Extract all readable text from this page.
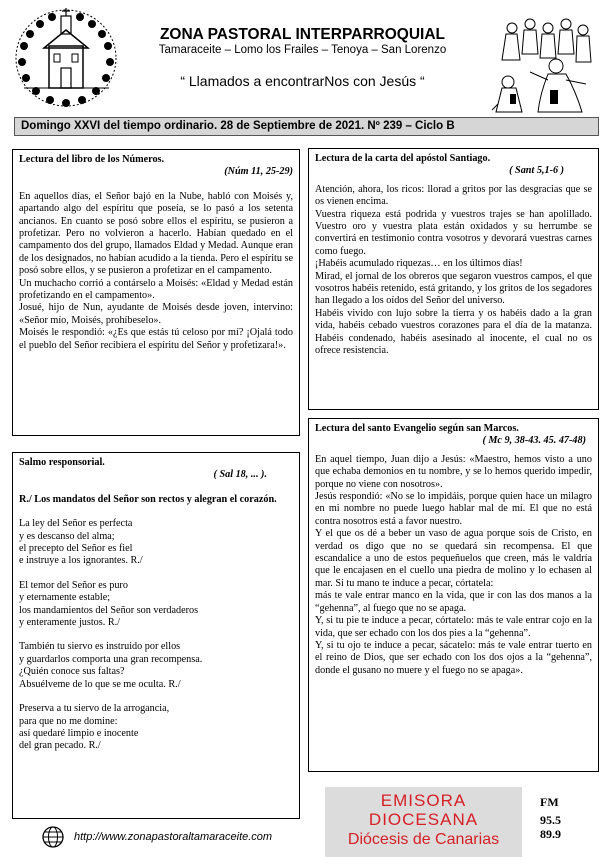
ZONA PASTORAL INTERPARROQUIAL
Tamaraceite – Lomo los Frailes – Tenoya – San Lorenzo
“ Llamados a encontrarNos con Jesús “
Domingo XXVI del tiempo ordinario. 28 de Septiembre de 2021. Nº 239 – Ciclo B
Lectura del libro de los Números.
(Núm 11, 25-29)

En aquellos días, el Señor bajó en la Nube, habló con Moisés y, apartando algo del espíritu que poseía, se lo pasó a los setenta ancianos. En cuanto se posó sobre ellos el espíritu, se pusieron a profetizar. Pero no volvieron a hacerlo. Habían quedado en el campamento dos del grupo, llamados Eldad y Medad. Aunque eran de los designados, no habían acudido a la tienda. Pero el espíritu se posó sobre ellos, y se pusieron a profetizar en el campamento.

Un muchacho corrió a contárselo a Moisés: «Eldad y Medad están profetizando en el campamento».

Josué, hijo de Nun, ayudante de Moisés desde joven, intervino: «Señor mío, Moisés, prohíbeselo».

Moisés le respondió: «¿Es que estás tú celoso por mí? ¡Ojalá todo el pueblo del Señor recibiera el espíritu del Señor y profetizara!».

Salmo responsorial.
( Sal 18, ... ).

R./ Los mandatos del Señor son rectos y alegran el corazón.

La ley del Señor es perfecta
y es descanso del alma;
el precepto del Señor es fiel
e instruye a los ignorantes. R./
El temor del Señor es puro
y eternamente estable;
los mandamientos del Señor son verdaderos
y enteramente justos. R./
También tu siervo es instruido por ellos
y guardarlos comporta una gran recompensa.
¿Quién conoce sus faltas?
Absuélveme de lo que se me oculta. R./
Preserva a tu siervo de la arrogancia,
para que no me domine:
así quedaré limpio e inocente
del gran pecado. R./
Lectura de la carta del apóstol Santiago.
( Sant 5,1-6 )

Atención, ahora, los ricos: llorad a gritos por las desgracias que se os vienen encima.

Vuestra riqueza está podrida y vuestros trajes se han apolillado. Vuestro oro y vuestra plata están oxidados y su herrumbe se convertirá en testimonio contra vosotros y devorará vuestras carnes como fuego.

¡Habéis acumulado riquezas… en los últimos días!

Mirad, el jornal de los obreros que segaron vuestros campos, el que vosotros habéis retenido, está gritando, y los gritos de los segadores han llegado a los oídos del Señor del universo.

Habéis vivido con lujo sobre la tierra y os habéis dado a la gran vida, habéis cebado vuestros corazones para el día de la matanza. Habéis condenado, habéis asesinado al inocente, el cual no os ofrece resistencia.

Lectura del santo Evangelio según san Marcos.
( Mc 9, 38-43. 45. 47-48)

En aquel tiempo, Juan dijo a Jesús: «Maestro, hemos visto a uno que echaba demonios en tu nombre, y se lo hemos querido impedir, porque no viene con nosotros».

Jesús respondió: «No se lo impidáis, porque quien hace un milagro en mi nombre no puede luego hablar mal de mí. El que no está contra nosotros está a favor nuestro.

Y el que os dé a beber un vaso de agua porque sois de Cristo, en verdad os digo que no se quedará sin recompensa. El que escandalice a uno de estos pequeñuelos que creen, más le valdría que le encajasen en el cuello una piedra de molino y lo echasen al mar. Si tu mano te induce a pecar, córtatela:

más te vale entrar manco en la vida, que ir con las dos manos a la “gehenna”, al fuego que no se apaga.

Y, si tu pie te induce a pecar, córtatelo: más te vale entrar cojo en la vida, que ser echado con los dos pies a la “gehenna”.

Y, si tu ojo te induce a pecar, sácatelo: más te vale entrar tuerto en el reino de Dios, que ser echado con los dos ojos a la “gehenna”, donde el gusano no muere y el fuego no se apaga».

http://www.zonapastoraltamaraceite.com
EMISORA
DIOCESANA
Diócesis de Canarias
FM
95.5
89.9
